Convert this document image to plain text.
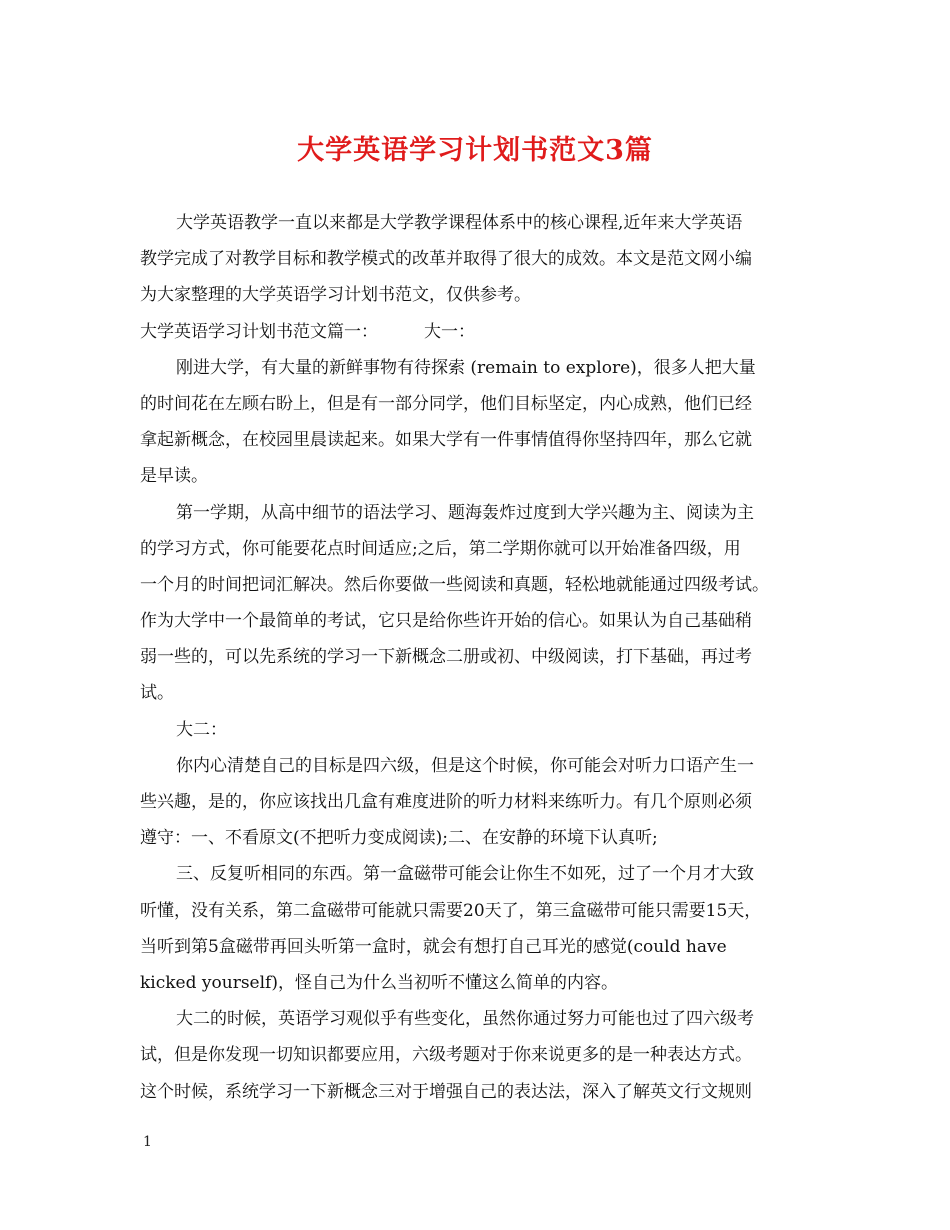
大学英语学习计划书范文3篇
大学英语教学一直以来都是大学教学课程体系中的核心课程,近年来大学英语
教学完成了对教学目标和教学模式的改革并取得了很大的成效。本文是范文网小编
为大家整理的大学英语学习计划书范文，仅供参考。
大学英语学习计划书范文篇一：	大一：
刚进大学，有大量的新鲜事物有待探索 (remain to explore)，很多人把大量
的时间花在左顾右盼上，但是有一部分同学，他们目标坚定，内心成熟，他们已经
拿起新概念，在校园里晨读起来。如果大学有一件事情值得你坚持四年，那么它就
是早读。
第一学期，从高中细节的语法学习、题海轰炸过度到大学兴趣为主、阅读为主
的学习方式，你可能要花点时间适应;之后，第二学期你就可以开始准备四级，用
一个月的时间把词汇解决。然后你要做一些阅读和真题，轻松地就能通过四级考试。
作为大学中一个最简单的考试，它只是给你些许开始的信心。如果认为自己基础稍
弱一些的，可以先系统的学习一下新概念二册或初、中级阅读，打下基础，再过考
试。
大二：
你内心清楚自己的目标是四六级，但是这个时候，你可能会对听力口语产生一
些兴趣，是的，你应该找出几盒有难度进阶的听力材料来练听力。有几个原则必须
遵守：一、不看原文(不把听力变成阅读);二、在安静的环境下认真听;
三、反复听相同的东西。第一盒磁带可能会让你生不如死，过了一个月才大致
听懂，没有关系，第二盒磁带可能就只需要20天了，第三盒磁带可能只需要15天，
当听到第5盒磁带再回头听第一盒时，就会有想打自己耳光的感觉(could have
kicked yourself)，怪自己为什么当初听不懂这么简单的内容。
大二的时候，英语学习观似乎有些变化，虽然你通过努力可能也过了四六级考
试，但是你发现一切知识都要应用，六级考题对于你来说更多的是一种表达方式。
这个时候，系统学习一下新概念三对于增强自己的表达法，深入了解英文行文规则
1
